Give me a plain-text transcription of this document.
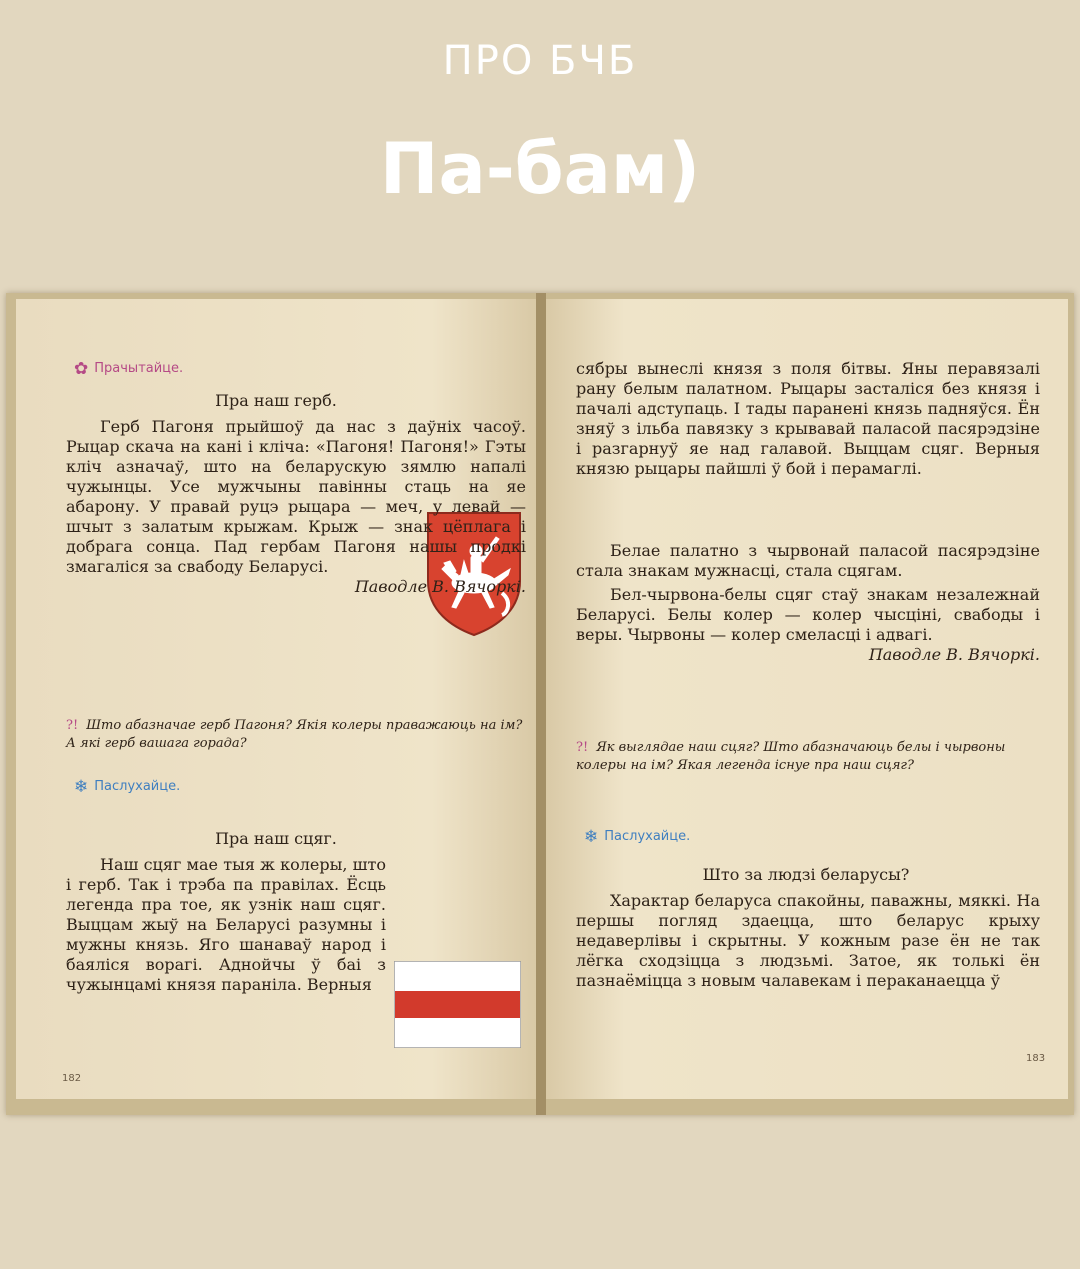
ПРО БЧБ
Па-бам)
✿ Прачытайце.
Пра наш герб.

Герб Пагоня прыйшоў да нас з даўніх часоў. Рыцар скача на кані і кліча: «Пагоня! Пагоня!» Гэты кліч азначаў, што на беларускую зямлю напалі чужынцы. Усе мужчыны павінны стаць на яе абарону. У правай руцэ рыцара — меч, у левай — шчыт з залатым крыжам. Крыж — знак цёплага і добрага сонца. Пад гербам Пагоня нашы продкі змагаліся за свабоду Беларусі.
Паводле В. Вячоркі.

?! Што абазначае герб Пагоня? Якія колеры праважаюць на ім? А які герб вашага горада?

❄ Паслухайце.
Пра наш сцяг.

Наш сцяг мае тыя ж колеры, што і герб. Так і трэба па правілах. Ёсць легенда пра тое, як узнік наш сцяг. Выццам жыў на Беларусі разумны і мужны князь. Яго шанаваў народ і баяліся ворагі. Аднойчы ў бai з чужынцамі князя параніла. Верныя

182

сябры вынеслі князя з поля бітвы. Яны перавязалі рану белым палатном. Рыцары засталіся без князя і пачалі адступаць. І тады параненi князь падняўся. Ён зняў з ільба павязку з крывавай паласой пасярэдзіне і разгарнуў яе над галавой. Выццам сцяг. Верныя князю рыцары пайшлі ў бой і перамаглі.

Белае палатно з чырвонай паласой пасярэдзіне стала знакам мужнасці, стала сцягам.

Бел-чырвона-белы сцяг стаў знакам незалежнай Беларусі. Белы колер — колер чысціні, свабоды і веры. Чырвоны — колер смеласці і адвагі.
Паводле В. Вячоркі.

?! Як выглядае наш сцяг? Што абазначаюць белы і чырвоны колеры на ім? Якая легенда існуе пра наш сцяг?

❄ Паслухайце.
Што за людзі беларусы?

Характар беларуса спакойны, паважны, мяккі. На першы погляд здаецца, што беларус крыху недаверлівы і скрытны. У кожным разе ён не так лёгка сходзіцца з людзьмі. Затое, як толькі ён пазнаёміцца з новым чалавекам і пераканаецца ў

183
